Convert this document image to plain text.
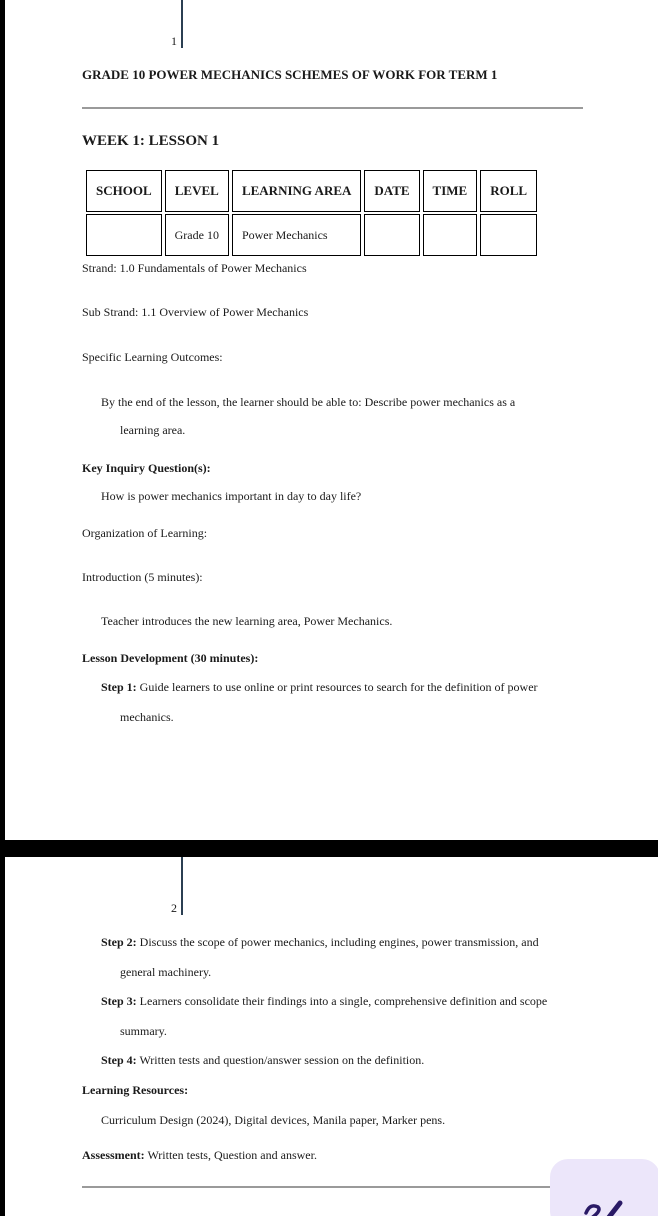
1
GRADE 10 POWER MECHANICS SCHEMES OF WORK FOR TERM 1
WEEK 1: LESSON 1
SCHOOL	LEVEL	LEARNING AREA	DATE	TIME	ROLL
	Grade 10	Power Mechanics			
Strand: 1.0 Fundamentals of Power Mechanics
Sub Strand: 1.1 Overview of Power Mechanics
Specific Learning Outcomes:
By the end of the lesson, the learner should be able to: Describe power mechanics as a
learning area.
Key Inquiry Question(s):
How is power mechanics important in day to day life?
Organization of Learning:
Introduction (5 minutes):
Teacher introduces the new learning area, Power Mechanics.
Lesson Development (30 minutes):
Step 1: Guide learners to use online or print resources to search for the definition of power
mechanics.
2
Step 2: Discuss the scope of power mechanics, including engines, power transmission, and
general machinery.
Step 3: Learners consolidate their findings into a single, comprehensive definition and scope
summary.
Step 4: Written tests and question/answer session on the definition.
Learning Resources:
Curriculum Design (2024), Digital devices, Manila paper, Marker pens.
Assessment: Written tests, Question and answer.
